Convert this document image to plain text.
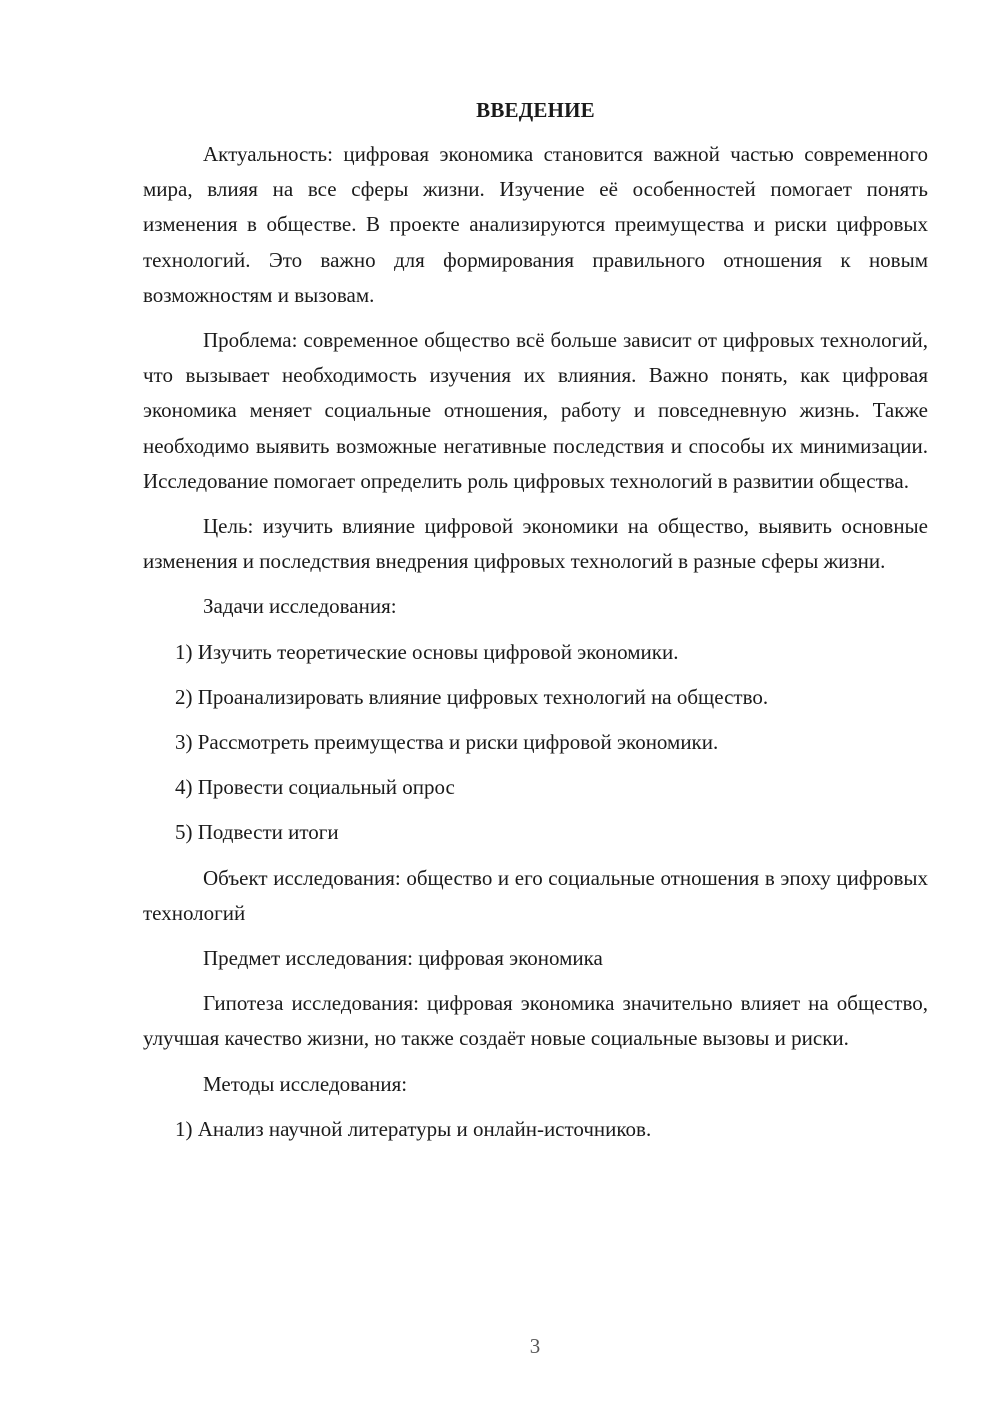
ВВЕДЕНИЕ

Актуальность: цифровая экономика становится важной частью современного мира, влияя на все сферы жизни. Изучение её особенностей помогает понять изменения в обществе. В проекте анализируются преимущества и риски цифровых технологий. Это важно для формирования правильного отношения к новым возможностям и вызовам.

Проблема: современное общество всё больше зависит от цифровых технологий, что вызывает необходимость изучения их влияния. Важно понять, как цифровая экономика меняет социальные отношения, работу и повседневную жизнь. Также необходимо выявить возможные негативные последствия и способы их минимизации. Исследование помогает определить роль цифровых технологий в развитии общества.

Цель: изучить влияние цифровой экономики на общество, выявить основные изменения и последствия внедрения цифровых технологий в разные сферы жизни.

Задачи исследования:

1) Изучить теоретические основы цифровой экономики.
2) Проанализировать влияние цифровых технологий на общество.
3) Рассмотреть преимущества и риски цифровой экономики.
4) Провести социальный опрос
5) Подвести итоги

Объект исследования: общество и его социальные отношения в эпоху цифровых технологий

Предмет исследования: цифровая экономика

Гипотеза исследования: цифровая экономика значительно влияет на общество, улучшая качество жизни, но также создаёт новые социальные вызовы и риски.

Методы исследования:

1) Анализ научной литературы и онлайн-источников.
3
